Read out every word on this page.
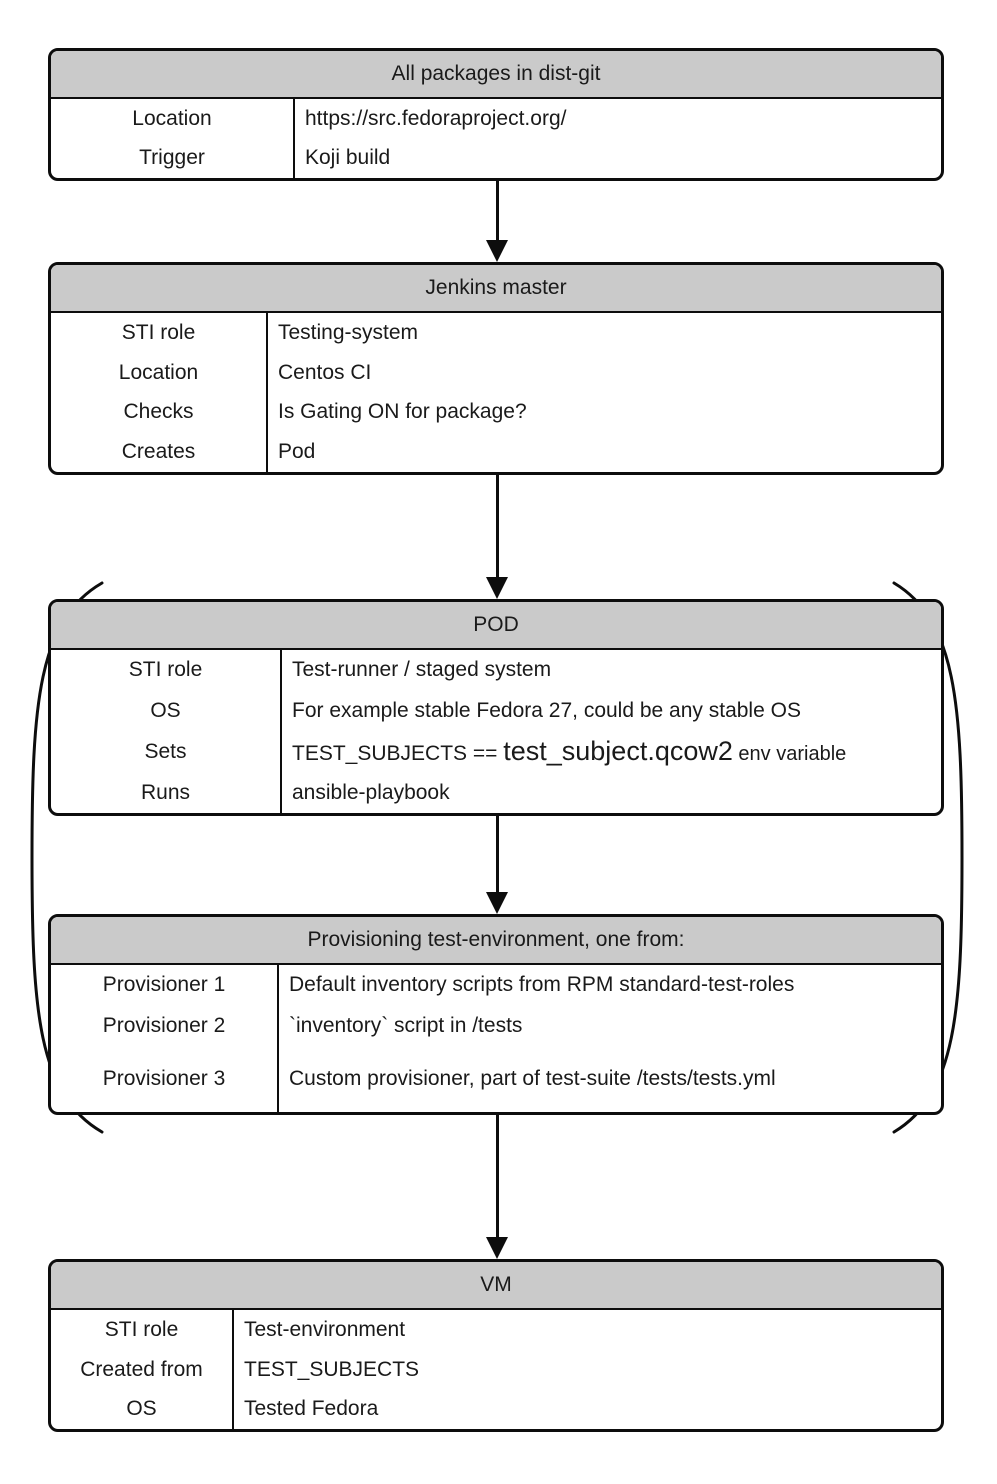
All packages in dist-git
Location	https://src.fedoraproject.org/
Trigger	Koji build
Jenkins master
STI role	Testing-system
Location	Centos CI
Checks	Is Gating ON for package?
Creates	Pod
POD
STI role	Test-runner / staged system
OS	For example stable Fedora 27, could be any stable OS
Sets	TEST_SUBJECTS == test_subject.qcow2 env variable
Runs	ansible-playbook
Provisioning test-environment, one from:
Provisioner 1	Default inventory scripts from RPM standard-test-roles
Provisioner 2	`inventory` script in /tests
Provisioner 3	Custom provisioner, part of test-suite /tests/tests.yml
VM
STI role	Test-environment
Created from	TEST_SUBJECTS
OS	Tested Fedora
